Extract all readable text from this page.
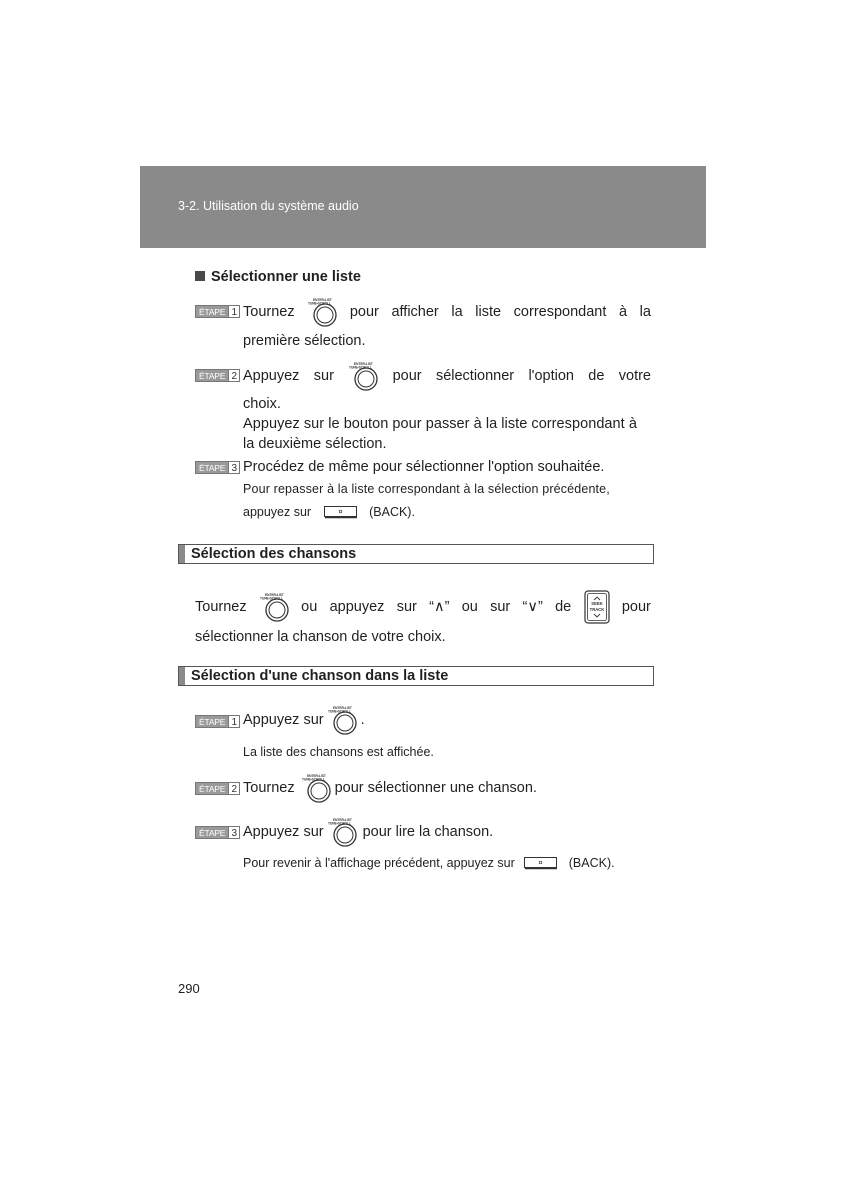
3-2. Utilisation du système audio
Sélectionner une liste
ÉTAPE 1 Tournez	pour afficher la liste correspondant à la
première sélection.
ÉTAPE 2 Appuyez sur	pour sélectionner l'option de votre
choix.
Appuyez sur le bouton pour passer à la liste correspondant à
la deuxième sélection.
ÉTAPE 3 Procédez de même pour sélectionner l'option souhaitée.
Pour repasser à la liste correspondant à la sélection précédente,
appuyez sur	(BACK).
Sélection des chansons
Tournez	ou appuyez sur “∧” ou sur “∨” de	SEEK
TRACK pour
sélectionner la chanson de votre choix.
Sélection d'une chanson dans la liste
ÉTAPE 1 Appuyez sur	.
La liste des chansons est affichée.
ÉTAPE 2 Tournez	pour sélectionner une chanson.
ÉTAPE 3 Appuyez sur	pour lire la chanson.
Pour revenir à l'affichage précédent, appuyez sur	(BACK).
290
